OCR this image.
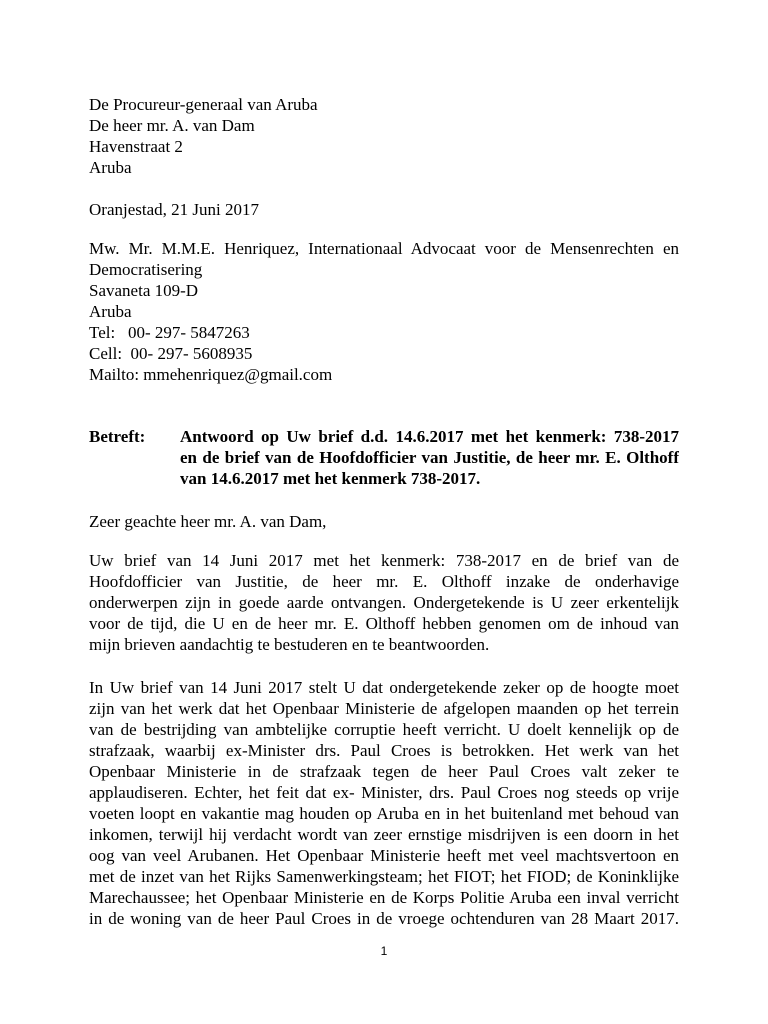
De Procureur-generaal van Aruba
De heer mr. A. van Dam
Havenstraat 2
Aruba
Oranjestad, 21 Juni 2017
Mw. Mr. M.M.E. Henriquez, Internationaal Advocaat voor de Mensenrechten en
Democratisering
Savaneta 109-D
Aruba
Tel:   00- 297- 5847263
Cell:  00- 297- 5608935
Mailto: mmehenriquez@gmail.com
Betreft: Antwoord op Uw brief d.d. 14.6.2017 met het kenmerk: 738-2017
en de brief van de Hoofdofficier van Justitie, de heer mr. E. Olthoff
van 14.6.2017 met het kenmerk 738-2017.
Zeer geachte heer mr. A. van Dam,
Uw brief van 14 Juni 2017 met het kenmerk: 738-2017 en de brief van de
Hoofdofficier van Justitie, de heer mr. E. Olthoff inzake de onderhavige
onderwerpen zijn in goede aarde ontvangen. Ondergetekende is U zeer erkentelijk
voor de tijd, die U en de heer mr. E. Olthoff hebben genomen om de inhoud van
mijn brieven aandachtig te bestuderen en te beantwoorden.
In Uw brief van 14 Juni 2017 stelt U dat ondergetekende zeker op de hoogte moet
zijn van het werk dat het Openbaar Ministerie de afgelopen maanden op het terrein
van de bestrijding van ambtelijke corruptie heeft verricht. U doelt kennelijk op de
strafzaak, waarbij ex-Minister drs. Paul Croes is betrokken. Het werk van het
Openbaar Ministerie in de strafzaak tegen de heer Paul Croes valt zeker te
applaudiseren. Echter, het feit dat ex- Minister, drs. Paul Croes nog steeds op vrije
voeten loopt en vakantie mag houden op Aruba en in het buitenland met behoud van
inkomen, terwijl hij verdacht wordt van zeer ernstige misdrijven is een doorn in het
oog van veel Arubanen. Het Openbaar Ministerie heeft met veel machtsvertoon en
met de inzet van het Rijks Samenwerkingsteam; het FIOT; het FIOD; de Koninklijke
Marechaussee; het Openbaar Ministerie en de Korps Politie Aruba een inval verricht
in de woning van de heer Paul Croes in de vroege ochtenduren van 28 Maart 2017.
1
